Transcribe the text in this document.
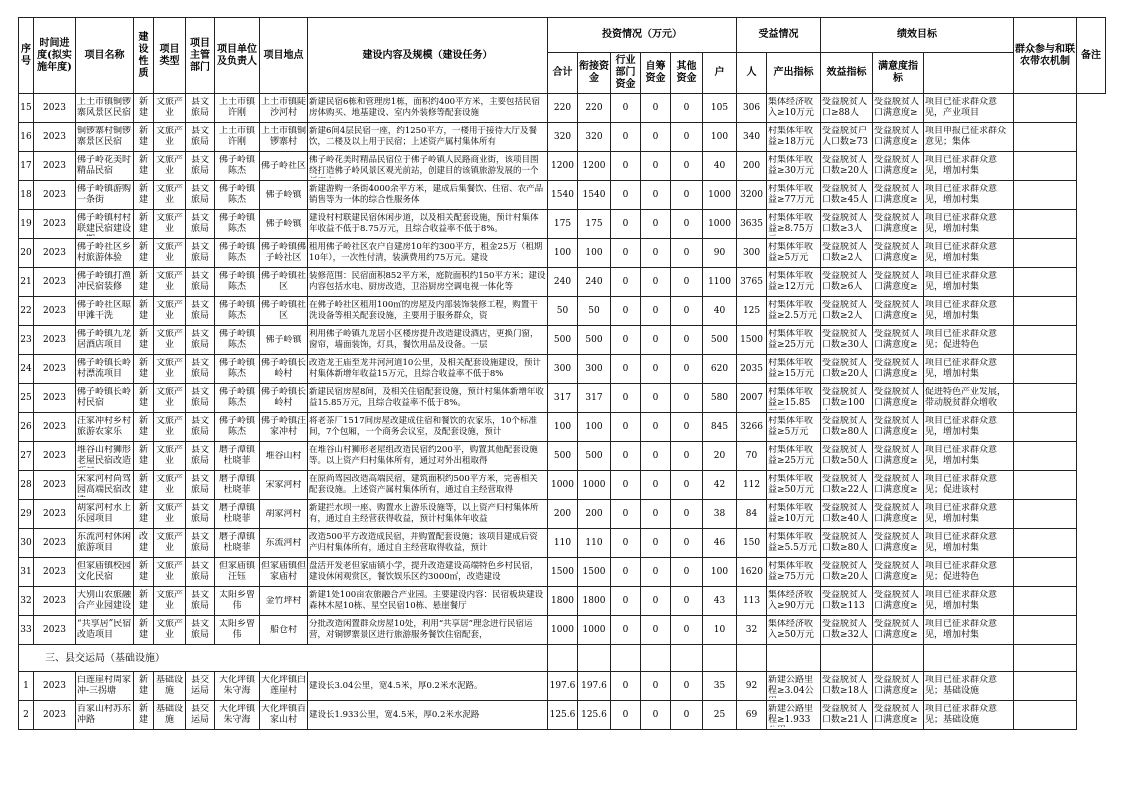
序号	时间进度(拟实施年度)	项目名称	建设性质	项目类型	项目主管部门	项目单位及负责人	项目地点	建设内容及规模（建设任务）	投资情况（万元）						受益情况		绩效目标			群众参与和联农带农机制	备注
									合计	衔接资金	行业部门资金	自筹资金	其他资金	户	人	产出指标	效益指标	满意度指标			
15	2023	上土市镇铜锣寨风景区民宿	新建	文旅产业	县文旅局	上土市镇许刚	上土市镇陡沙河村	新建民宿6栋和管理房1栋，面积约400平方米，主要包括民宿房体购买、地基建设、室内外装修等配套设施	220	220	0	0	0	105	306	集体经济收入≥10万元	受益脱贫人口≥88人	受益脱贫人口满意度≥	项目已征求群众意见，产业项目		

16	2023	铜锣寨村铜锣寨景区民宿	新建	文旅产业	县文旅局	上土市镇许刚	上土市镇铜锣寨村	新建6间4层民宿一座，约1250平方，一楼用于接待大厅及餐饮，二楼及以上用于民宿；上述资产属村集体所有	320	320	0	0	0	100	340	村集体年收益≥18万元	受益脱贫户人口数≥73	受益脱贫人口满意度≥	项目申报已征求群众意见；集体		

17	2023	佛子岭花美时精品民宿	新建	文旅产业	县文旅局	佛子岭镇陈杰	佛子岭社区	佛子岭花美时精品民宿位于佛子岭镇人民路商业街，该项目围绕打造佛子岭风景区观光前站，创建目的该镇旅游发展的一个	1200	1200	0	0	0	40	200	村集体年收益≥30万元	受益脱贫人口数≥20人	受益脱贫人口满意度≥	项目已征求群众意见，增加村集		

18	2023	佛子岭镇游购一条街	新建	文旅产业	县文旅局	佛子岭镇陈杰	佛子岭镇	新建游购一条街4000余平方米，建成后集餐饮、住宿、农产品销售等为一体的综合性服务体	1540	1540	0	0	0	1000	3200	村集体年收益≥77万元	受益脱贫人口数≥45人	受益脱贫人口满意度≥	项目已征求群众意见，增加村集		

19	2023	佛子岭镇村村联建民宿建设	新建	文旅产业	县文旅局	佛子岭镇陈杰	佛子岭镇	建设村村联建民宿休闲步道，以及相关配套设施，预计村集体年收益不低于8.75万元，且综合收益率不低于8%。	175	175	0	0	0	1000	3635	村集体年收益≥8.75万	受益脱贫人口数≥3人	受益脱贫人口满意度≥	项目已征求群众意见，增加村集		

20	2023	佛子岭社区乡村旅游体验	新建	文旅产业	县文旅局	佛子岭镇陈杰	佛子岭镇佛子岭社区	租用佛子岭社区农户自建房10年约300平方，租金25万（租期10年），一次性付清，装潢费用约75万元。建设	100	100	0	0	0	90	300	村集体年收益≥5万元	受益脱贫人口数≥2人	受益脱贫人口满意度≥	项目已征求群众意见，增加村集		

21	2023	佛子岭镇打渔冲民宿装修	新建	文旅产业	县文旅局	佛子岭镇陈杰	佛子岭镇社区	装修范围：民宿面积852平方米，庭院面积约150平方米；建设内容包括水电、厨房改造，卫浴厨房空调电视一体化等	240	240	0	0	0	1100	3765	村集体年收益≥12万元	受益脱贫人口数≥6人	受益脱贫人口满意度≥	项目已征求群众意见，增加村集		

22	2023	佛子岭社区晾甲滩干洗	新建	文旅产业	县文旅局	佛子岭镇陈杰	佛子岭镇社区	在佛子岭社区租用100㎡的房屋及内部装饰装修工程，购置干洗设备等相关配套设施，主要用于服务群众，资	50	50	0	0	0	40	125	村集体年收益≥2.5万元	受益脱贫人口数≥2人	受益脱贫人口满意度≥	项目已征求群众意见，增加村集		

23	2023	佛子岭镇九龙居酒店项目	新建	文旅产业	县文旅局	佛子岭镇陈杰	佛子岭镇	利用佛子岭镇九龙居小区楼房提升改造建设酒店，更换门窗，窗帘，墙面装饰，灯具，餐饮用品及设备。一层	500	500	0	0	0	500	1500	村集体年收益≥25万元	受益脱贫人口数≥30人	受益脱贫人口满意度≥	项目已征求群众意见；促进特色		

24	2023	佛子岭镇长岭村漂流项目	新建	文旅产业	县文旅局	佛子岭镇陈杰	佛子岭镇长岭村	改造龙王庙至龙井河河道10公里，及相关配套设施建设，预计村集体新增年收益15万元，且综合收益率不低于8%	300	300	0	0	0	620	2035	村集体年收益≥15万元	受益脱贫人口数≥20人	受益脱贫人口满意度≥	项目已征求群众意见，增加村集		

25	2023	佛子岭镇长岭村民宿	新建	文旅产业	县文旅局	佛子岭镇陈杰	佛子岭镇长岭村	新建民宿房屋8间，及相关住宿配套设施，预计村集体新增年收益15.85万元，且综合收益率不低于8%。	317	317	0	0	0	580	2007	村集体年收益≥15.85	受益脱贫人口数≥100	受益脱贫人口满意度≥	促进特色产业发展，带动脱贫群众增收		

26	2023	汪家冲村乡村旅游农家乐	新建	文旅产业	县文旅局	佛子岭镇陈杰	佛子岭镇汪家冲村	将老茶厂1517间房屋改建成住宿和餐饮的农家乐，10个标准间，7个包厢，一个商务会议室，及配套设施，预计	100	100	0	0	0	845	3266	村集体年收益≥5万元	受益脱贫人口数≥80人	受益脱贫人口满意度≥	项目已征求群众意见，增加村集		

27	2023	堆谷山村狮形老屋民宿改造	新建	文旅产业	县文旅局	磨子潭镇杜晓菲	堆谷山村	在堆谷山村狮形老屋组改造民宿约200平，购置其他配套设施等。以上资产归村集体所有，通过对外出租取得	500	500	0	0	0	20	70	村集体年收益≥25万元	受益脱贫人口数≥50人	受益脱贫人口满意度≥	项目已征求群众意见，增加村集		

28	2023	宋家河村尚驾园高端民宿改	新建	文旅产业	县文旅局	磨子潭镇杜晓菲	宋家河村	在原尚驾园改造高端民宿，建筑面积约500平方米，完善相关配套设施。上述资产属村集体所有，通过自主经营取得	1000	1000	0	0	0	42	112	村集体年收益≥50万元	受益脱贫人口数≥22人	受益脱贫人口满意度≥	项目已征求群众意见；促进该村		

29	2023	胡家河村水上乐园项目	新建	文旅产业	县文旅局	磨子潭镇杜晓菲	胡家河村	新建拦水坝一座、购置水上游乐设施等，以上资产归村集体所有，通过自主经营获得收益，预计村集体年收益	200	200	0	0	0	38	84	村集体年收益≥10万元	受益脱贫人口数≥40人	受益脱贫人口满意度≥	项目已征求群众意见，增加村集		

30	2023	东流河村休闲旅游项目	改建	文旅产业	县文旅局	磨子潭镇杜晓菲	东流河村	改造500平方改造成民宿，并购置配套设施；该项目建成后资产归村集体所有，通过自主经营取得收益，预计	110	110	0	0	0	46	150	村集体年收益≥5.5万元	受益脱贫人口数≥80人	受益脱贫人口满意度≥	项目已征求群众意见，增加村集		

31	2023	但家庙镇校园文化民宿	新建	文旅产业	县文旅局	但家庙镇汪钰	但家庙镇但家庙村	盘活开发老但家庙镇小学，提升改造建设高端特色乡村民宿，建设休闲观赏区，餐饮娱乐区约3000㎡，改造建设	1500	1500	0	0	0	100	1620	村集体年收益≥75万元	受益脱贫人口数≥20人	受益脱贫人口满意度≥	项目已征求群众意见；促进特色		

32	2023	大别山农旅融合产业园建设	新建	文旅产业	县文旅局	太阳乡曾伟	金竹坪村	新建1处100亩农旅融合产业园。主要建设内容：民宿板块建设森林木屋10栋、星空民宿10栋、悬崖餐厅	1800	1800	0	0	0	43	113	集体经济收入≥90万元	受益脱贫人口数≥113	受益脱贫人口满意度≥	项目已征求群众意见，增加村集		

33	2023	“共享居”民宿改造项目	新建	文旅产业	县文旅局	太阳乡曾伟	船仓村	分批改造闲置群众房屋10处，利用“共享居”理念进行民宿运营，对铜锣寨景区进行旅游服务餐饮住宿配套，	1000	1000	0	0	0	10	32	集体经济收入≥50万元	受益脱贫人口数≥32人	受益脱贫人口满意度≥	项目已征求群众意见，增加村集		

三、县交运局（基础设施）																					
1	2023	白莲崖村周家冲-三拐塘	新建	基础设施	县交运局	大化坪镇朱守海	大化坪镇白莲崖村	建设长3.04公里，宽4.5米，厚0.2米水泥路。	197.6	197.6	0	0	0	35	92	新建公路里程≥3.04公	受益脱贫人口数≥18人	受益脱贫人口满意度≥	项目已征求群众意见；基础设施		

2	2023	百家山村苏东冲路	新建	基础设施	县交运局	大化坪镇朱守海	大化坪镇百家山村	建设长1.933公里，宽4.5米，厚0.2米水泥路	125.6	125.6	0	0	0	25	69	新建公路里程≥1.933	受益脱贫人口数≥21人	受益脱贫人口满意度≥	项目已征求群众意见；基础设施		
